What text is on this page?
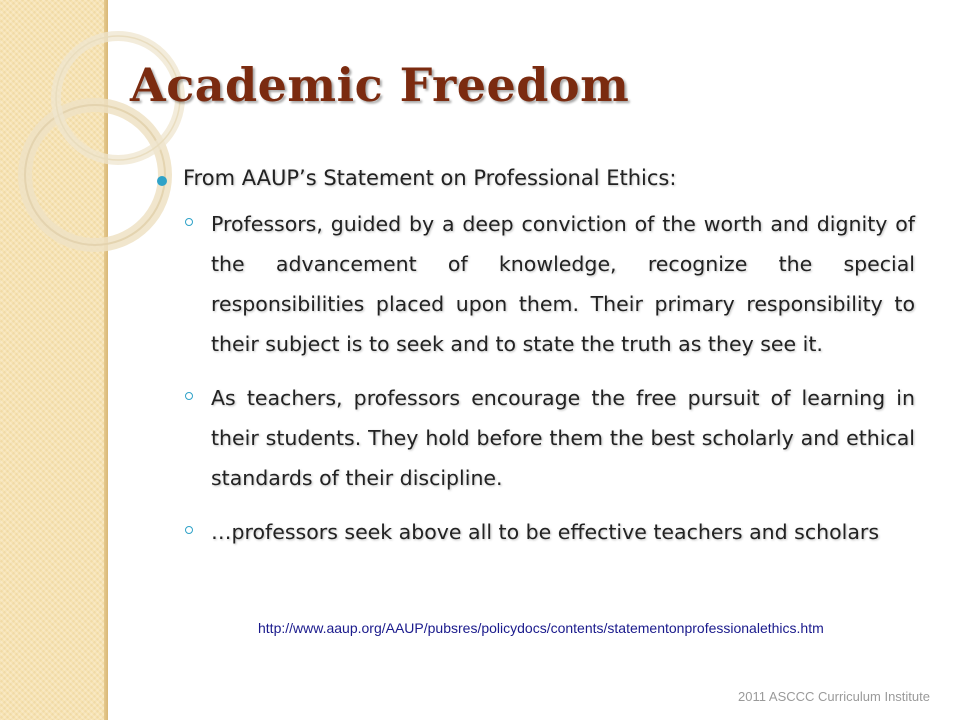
Academic Freedom
From AAUP’s Statement on Professional Ethics:
Professors, guided by a deep conviction of the worth and dignity of the advancement of knowledge, recognize the special responsibilities placed upon them. Their primary responsibility to their subject is to seek and to state the truth as they see it.
As teachers, professors encourage the free pursuit of learning in their students. They hold before them the best scholarly and ethical standards of their discipline.
…professors seek above all to be effective teachers and scholars
http://www.aaup.org/AAUP/pubsres/policydocs/contents/statementonprofessionalethics.htm
2011 ASCCC Curriculum Institute
